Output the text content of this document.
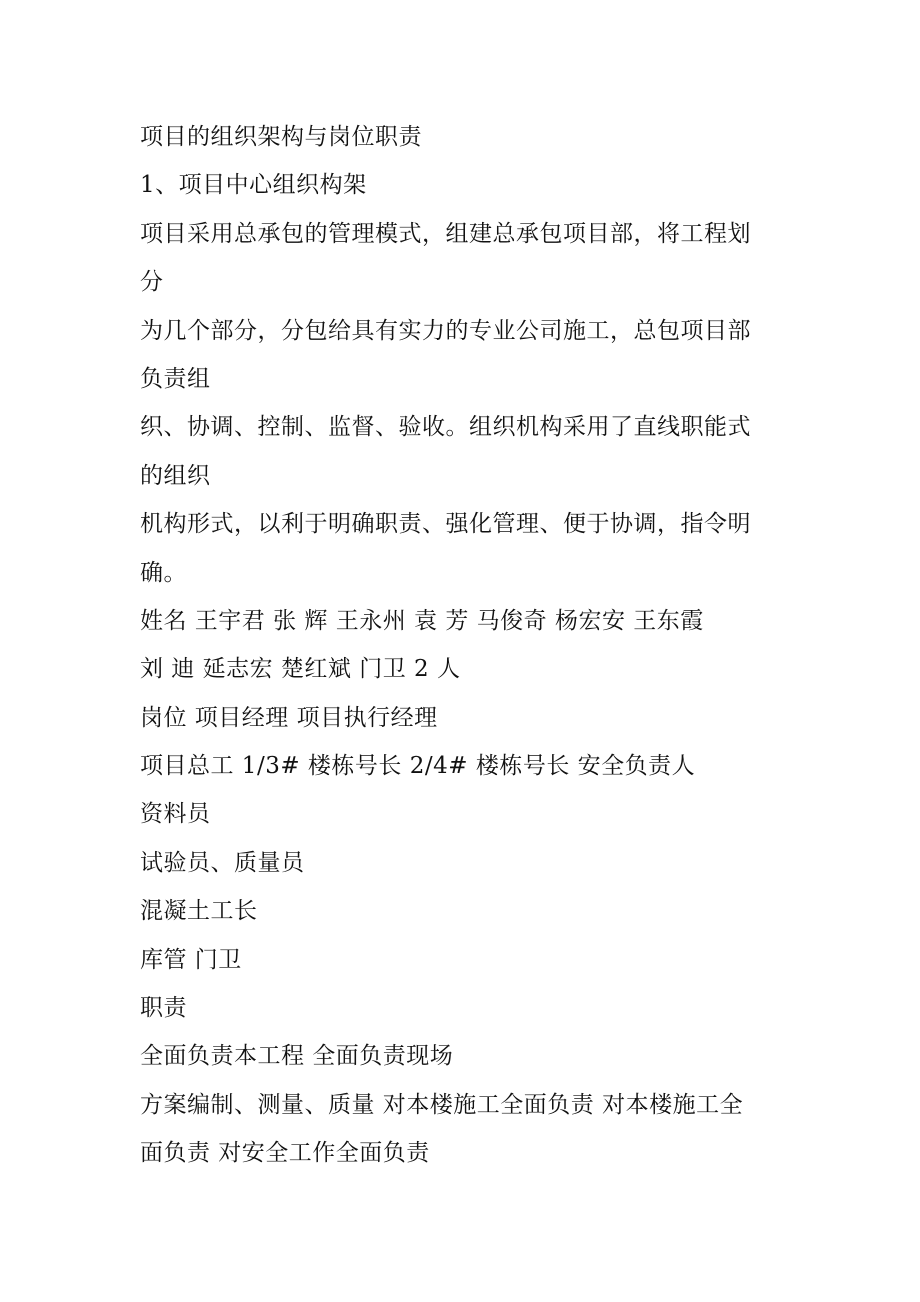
项目的组织架构与岗位职责
1、项目中心组织构架
项目采用总承包的管理模式，组建总承包项目部，将工程划
分
为几个部分，分包给具有实力的专业公司施工，总包项目部
负责组
织、协调、控制、监督、验收。组织机构采用了直线职能式
的组织
机构形式，以利于明确职责、强化管理、便于协调，指令明
确。
姓名 王宇君 张 辉 王永州 袁 芳 马俊奇 杨宏安 王东霞
刘 迪 延志宏 楚红斌 门卫 2 人
岗位 项目经理 项目执行经理
项目总工 1/3# 楼栋号长 2/4# 楼栋号长 安全负责人
资料员
试验员、质量员
混凝土工长
库管 门卫
职责
全面负责本工程 全面负责现场
方案编制、测量、质量 对本楼施工全面负责 对本楼施工全
面负责 对安全工作全面负责
